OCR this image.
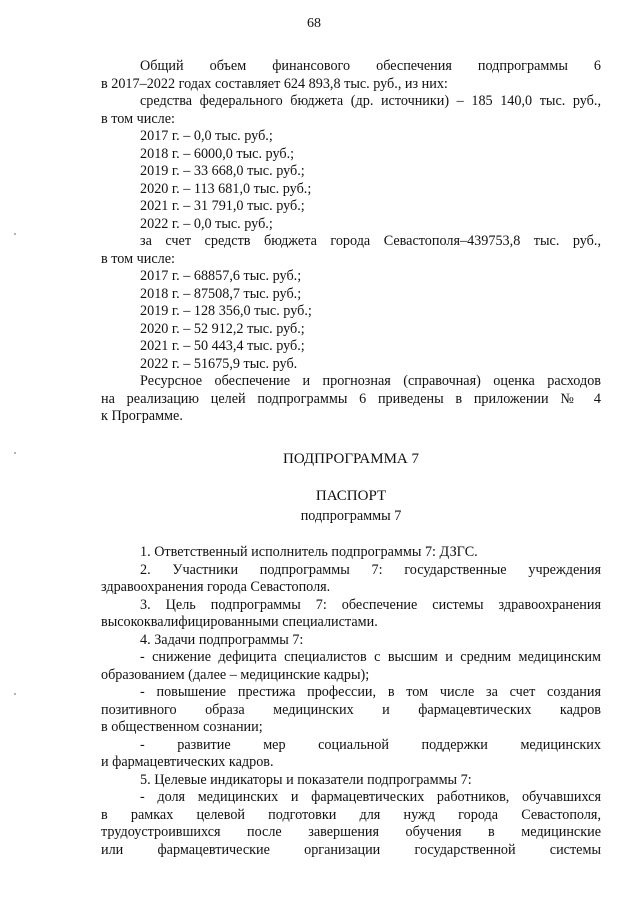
68
Общий объем финансового обеспечения подпрограммы 6
в 2017–2022 годах составляет 624 893,8 тыс. руб., из них:
средства федерального бюджета (др. источники) – 185 140,0 тыс. руб.,
в том числе:
2017 г. – 0,0 тыс. руб.;
2018 г. – 6000,0 тыс. руб.;
2019 г. – 33 668,0 тыс. руб.;
2020 г. – 113 681,0 тыс. руб.;
2021 г. – 31 791,0 тыс. руб.;
2022 г. – 0,0 тыс. руб.;
за счет средств бюджета города Севастополя–439753,8 тыс. руб.,
в том числе:
2017 г. – 68857,6 тыс. руб.;
2018 г. – 87508,7 тыс. руб.;
2019 г. – 128 356,0 тыс. руб.;
2020 г. – 52 912,2 тыс. руб.;
2021 г. – 50 443,4 тыс. руб.;
2022 г. – 51675,9 тыс. руб.
Ресурсное обеспечение и прогнозная (справочная) оценка расходов
на реализацию целей подпрограммы 6 приведены в приложении № 4
к Программе.
ПОДПРОГРАММА 7
ПАСПОРТ
подпрограммы 7
1. Ответственный исполнитель подпрограммы 7: ДЗГС.
2. Участники подпрограммы 7: государственные учреждения
здравоохранения города Севастополя.
3. Цель подпрограммы 7: обеспечение системы здравоохранения
высококвалифицированными специалистами.
4. Задачи подпрограммы 7:
- снижение дефицита специалистов с высшим и средним медицинским
образованием (далее – медицинские кадры);
- повышение престижа профессии, в том числе за счет создания
позитивного образа медицинских и фармацевтических кадров
в общественном сознании;
- развитие мер социальной поддержки медицинских
и фармацевтических кадров.
5. Целевые индикаторы и показатели подпрограммы 7:
- доля медицинских и фармацевтических работников, обучавшихся
в рамках целевой подготовки для нужд города Севастополя,
трудоустроившихся после завершения обучения в медицинские
или фармацевтические организации государственной системы
